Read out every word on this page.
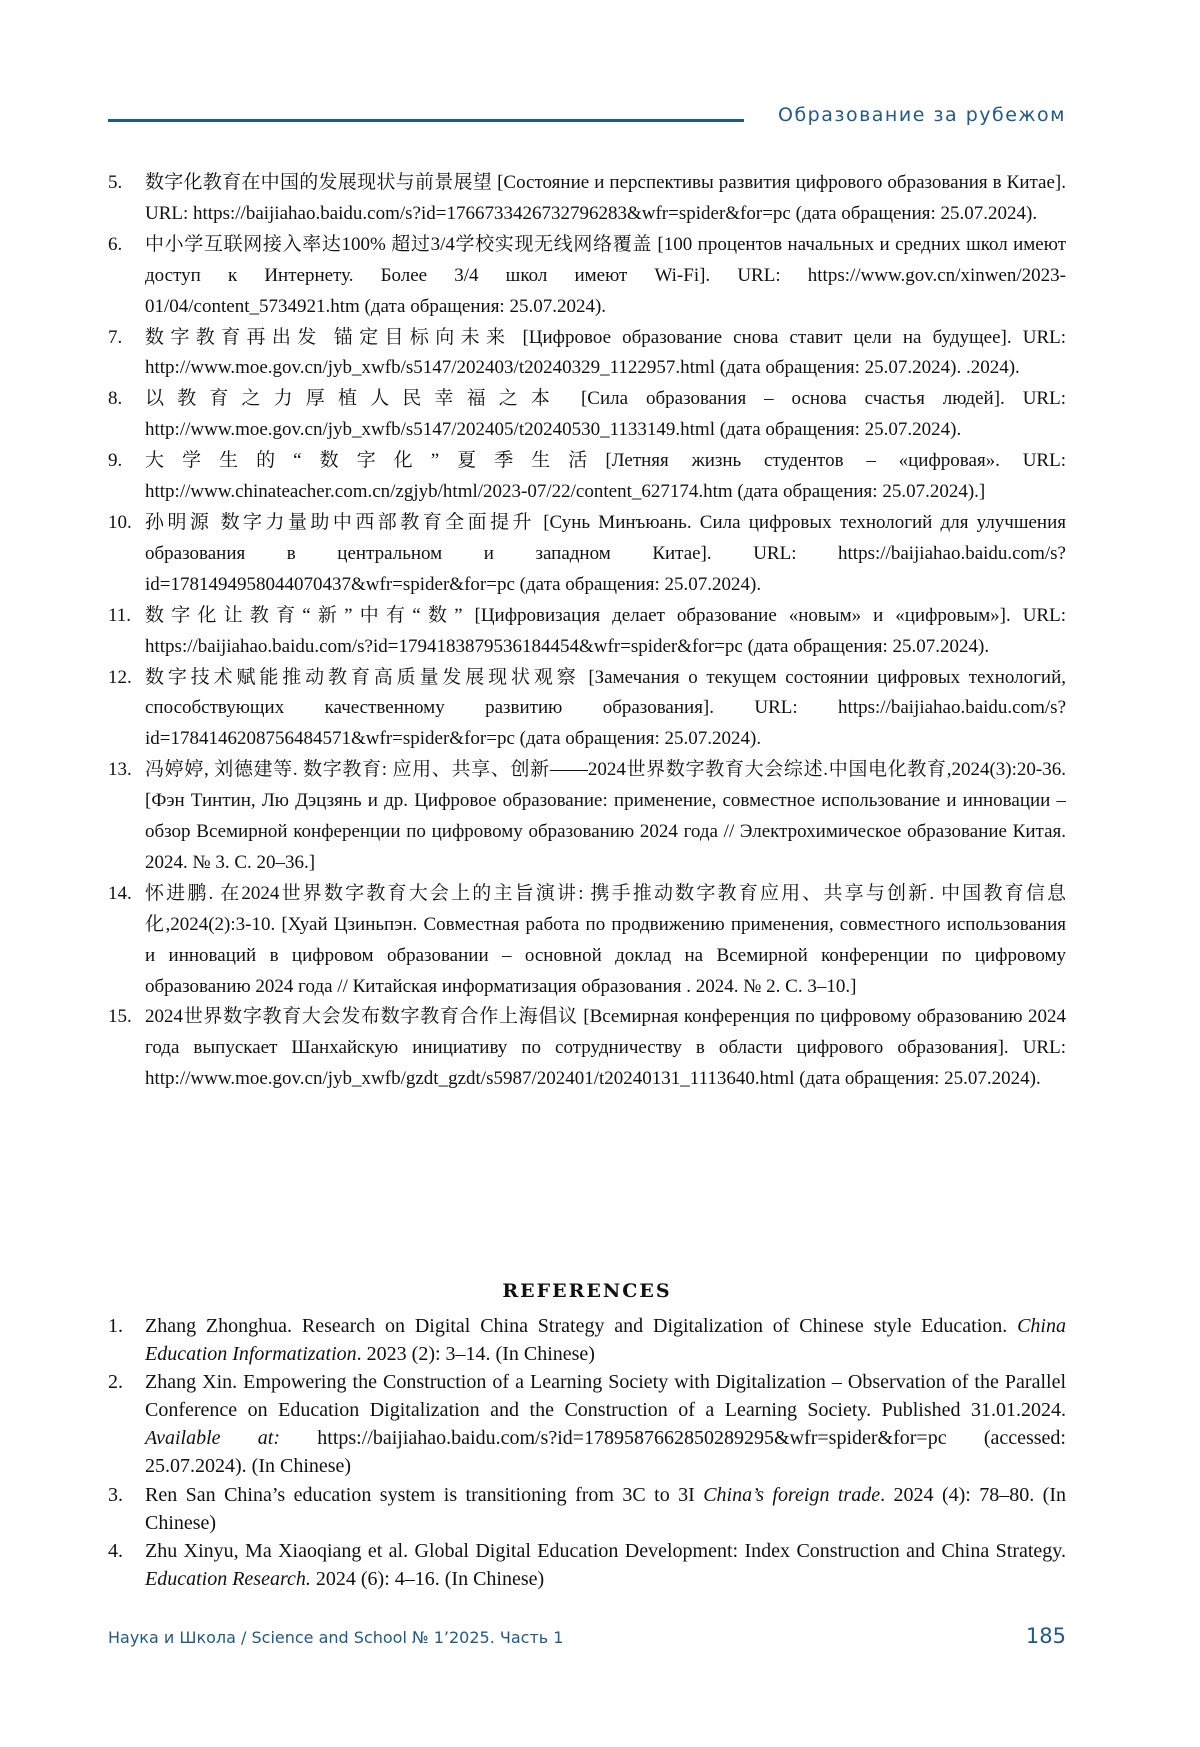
Образование за рубежом
5. 数字化教育在中国的发展现状与前景展望 [Состояние и перспективы развития цифрового образования в Китае]. URL: https://baijiahao.baidu.com/s?id=1766733426732796283&wfr=spider&for=pc (дата обращения: 25.07.2024).
6. 中小学互联网接入率达100% 超过3/4学校实现无线网络覆盖 [100 процентов начальных и средних школ имеют доступ к Интернету. Более 3/4 школ имеют Wi-Fi]. URL: https://www.gov.cn/xinwen/2023-01/04/content_5734921.htm (дата обращения: 25.07.2024).
7. 数字教育再出发 锚定目标向未来 [Цифровое образование снова ставит цели на будущее]. URL: http://www.moe.gov.cn/jyb_xwfb/s5147/202403/t20240329_1122957.html (дата обращения: 25.07.2024). .2024).
8. 以教育之力厚植人民幸福之本 [Сила образования – основа счастья людей]. URL: http://www.moe.gov.cn/jyb_xwfb/s5147/202405/t20240530_1133149.html (дата обращения: 25.07.2024).
9. 大学生的“数字化”夏季生活[Летняя жизнь студентов – «цифровая». URL: http://www.chinateacher.com.cn/zgjyb/html/2023-07/22/content_627174.htm (дата обращения: 25.07.2024).]
10. 孙明源 数字力量助中西部教育全面提升 [Сунь Минъюань. Сила цифровых технологий для улучшения образования в центральном и западном Китае]. URL: https://baijiahao.baidu.com/s?id=1781494958044070437&wfr=spider&for=pc (дата обращения: 25.07.2024).
11. 数字化让教育“新”中有“数” [Цифровизация делает образование «новым» и «цифровым»]. URL: https://baijiahao.baidu.com/s?id=1794183879536184454&wfr=spider&for=pc (дата обращения: 25.07.2024).
12. 数字技术赋能推动教育高质量发展现状观察 [Замечания о текущем состоянии цифровых технологий, способствующих качественному развитию образования]. URL: https://baijiahao.baidu.com/s?id=1784146208756484571&wfr=spider&for=pc (дата обращения: 25.07.2024).
13. 冯婷婷, 刘德建等. 数字教育: 应用、共享、创新——2024世界数字教育大会综述.中国电化教育,2024(3):20-36.[Фэн Тинтин, Лю Дэцзянь и др. Цифровое образование: применение, совместное использование и инновации – обзор Всемирной конференции по цифровому образованию 2024 года // Электрохимическое образование Китая. 2024. № 3. С. 20–36.]
14. 怀进鹏. 在2024世界数字教育大会上的主旨演讲: 携手推动数字教育应用、共享与创新. 中国教育信息化,2024(2):3-10. [Хуай Цзиньпэн. Совместная работа по продвижению применения, совместного использования и инноваций в цифровом образовании – основной доклад на Всемирной конференции по цифровому образованию 2024 года // Китайская информатизация образования . 2024. № 2. С. 3–10.]
15. 2024世界数字教育大会发布数字教育合作上海倡议 [Всемирная конференция по цифровому образованию 2024 года выпускает Шанхайскую инициативу по сотрудничеству в области цифрового образования]. URL: http://www.moe.gov.cn/jyb_xwfb/gzdt_gzdt/s5987/202401/t20240131_1113640.html (дата обращения: 25.07.2024).
REFERENCES
1. Zhang Zhonghua. Research on Digital China Strategy and Digitalization of Chinese style Education. China Education Informatization. 2023 (2): 3–14. (In Chinese)
2. Zhang Xin. Empowering the Construction of a Learning Society with Digitalization – Observation of the Parallel Conference on Education Digitalization and the Construction of a Learning Society. Published 31.01.2024. Available at: https://baijiahao.baidu.com/s?id=1789587662850289295&wfr=spider&for=pc (accessed: 25.07.2024). (In Chinese)
3. Ren San China’s education system is transitioning from 3C to 3I China’s foreign trade. 2024 (4): 78–80. (In Chinese)
4. Zhu Xinyu, Ma Xiaoqiang et al. Global Digital Education Development: Index Construction and China Strategy. Education Research. 2024 (6): 4–16. (In Chinese)
Наука и Школа / Science and School № 1’2025. Часть 1	185
